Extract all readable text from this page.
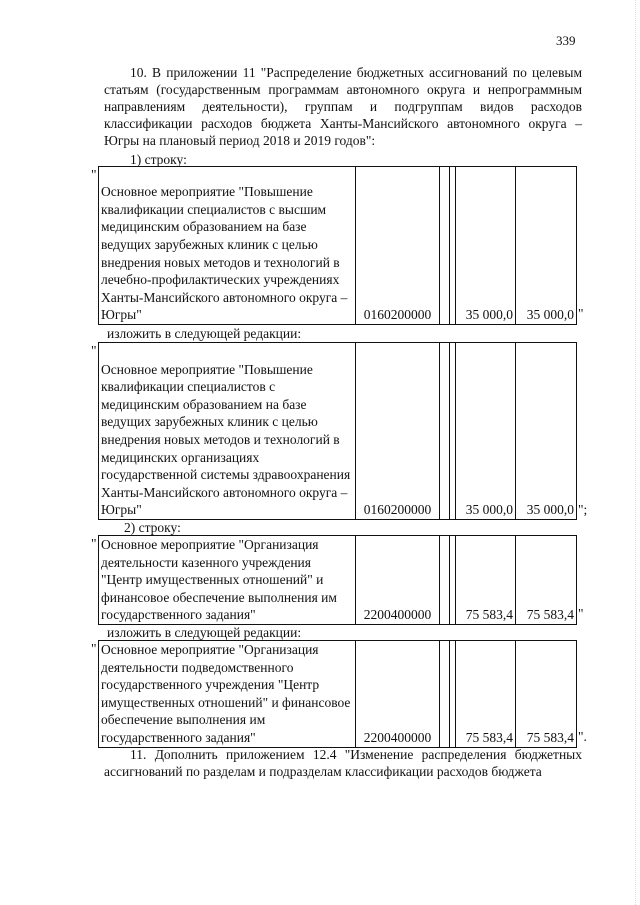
339
10. В приложении 11 "Распределение бюджетных ассигнований по целевым статьям (государственным программам автономного округа и непрограммным направлениям деятельности), группам и подгруппам видов расходов классификации расходов бюджета Ханты-Мансийского автономного округа – Югры на плановый период 2018 и 2019 годов":
1) строку:
"
Основное мероприятие "Повышение квалификации специалистов с высшим медицинским образованием на базе ведущих зарубежных клиник с целью внедрения новых методов и технологий в лечебно-профилактических учреждениях Ханты-Мансийского автономного округа – Югры"	0160200000			35 000,0	35 000,0 "
изложить в следующей редакции:
"
Основное мероприятие "Повышение квалификации специалистов с медицинским образованием на базе ведущих зарубежных клиник с целью внедрения новых методов и технологий в медицинских организациях государственной системы здравоохранения Ханты-Мансийского автономного округа – Югры"	0160200000			35 000,0	35 000,0 ";
2) строку:
" Основное мероприятие "Организация деятельности казенного учреждения "Центр имущественных отношений" и финансовое обеспечение выполнения им государственного задания"	2200400000			75 583,4	75 583,4 "
изложить в следующей редакции:
" Основное мероприятие "Организация деятельности подведомственного государственного учреждения "Центр имущественных отношений" и финансовое обеспечение выполнения им государственного задания"	2200400000			75 583,4	75 583,4 ".
11. Дополнить приложением 12.4 "Изменение распределения бюджетных ассигнований по разделам и подразделам классификации расходов бюджета
